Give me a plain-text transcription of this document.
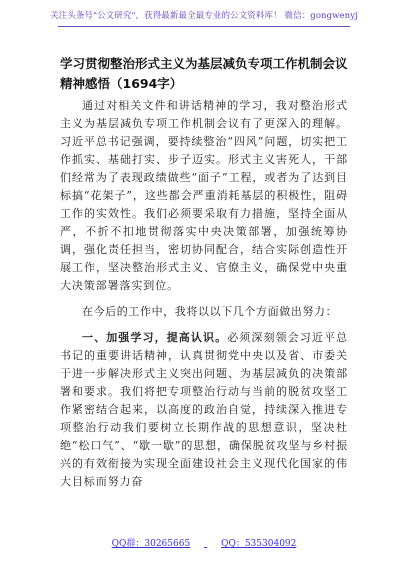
关注头条号"公文研究"，获得最新最全最专业的公文资料库！ 微信：gongwenyj
学习贯彻整治形式主义为基层减负专项工作机制会议精神感悟（1694字）

通过对相关文件和讲话精神的学习，我对整治形式主义为基层减负专项工作机制会议有了更深入的理解。习近平总书记强调，要持续整治“四风”问题，切实把工作抓实、基础打实、步子迈实。形式主义害死人，干部们经常为了表现政绩做些“面子”工程，或者为了达到目标搞“花架子”，这些都会严重消耗基层的积极性，阻碍工作的实效性。我们必须要采取有力措施，坚持全面从严，不折不扣地贯彻落实中央决策部署，加强统筹协调，强化责任担当，密切协同配合，结合实际创造性开展工作，坚决整治形式主义、官僚主义，确保党中央重大决策部署落实到位。

在今后的工作中，我将以以下几个方面做出努力：

一、加强学习，提高认识。必须深刻领会习近平总书记的重要讲话精神，认真贯彻党中央以及省、市委关于进一步解决形式主义突出问题、为基层减负的决策部署和要求。我们将把专项整治行动与当前的脱贫攻坚工作紧密结合起来，以高度的政治自觉，持续深入推进专项整治行动我们要树立长期作战的思想意识，坚决杜绝“松口气”、“歇一歇”的思想，确保脱贫攻坚与乡村振兴的有效衔接为实现全面建设社会主义现代化国家的伟大目标而努力奋

QQ群：30265665	QQ：535304092
